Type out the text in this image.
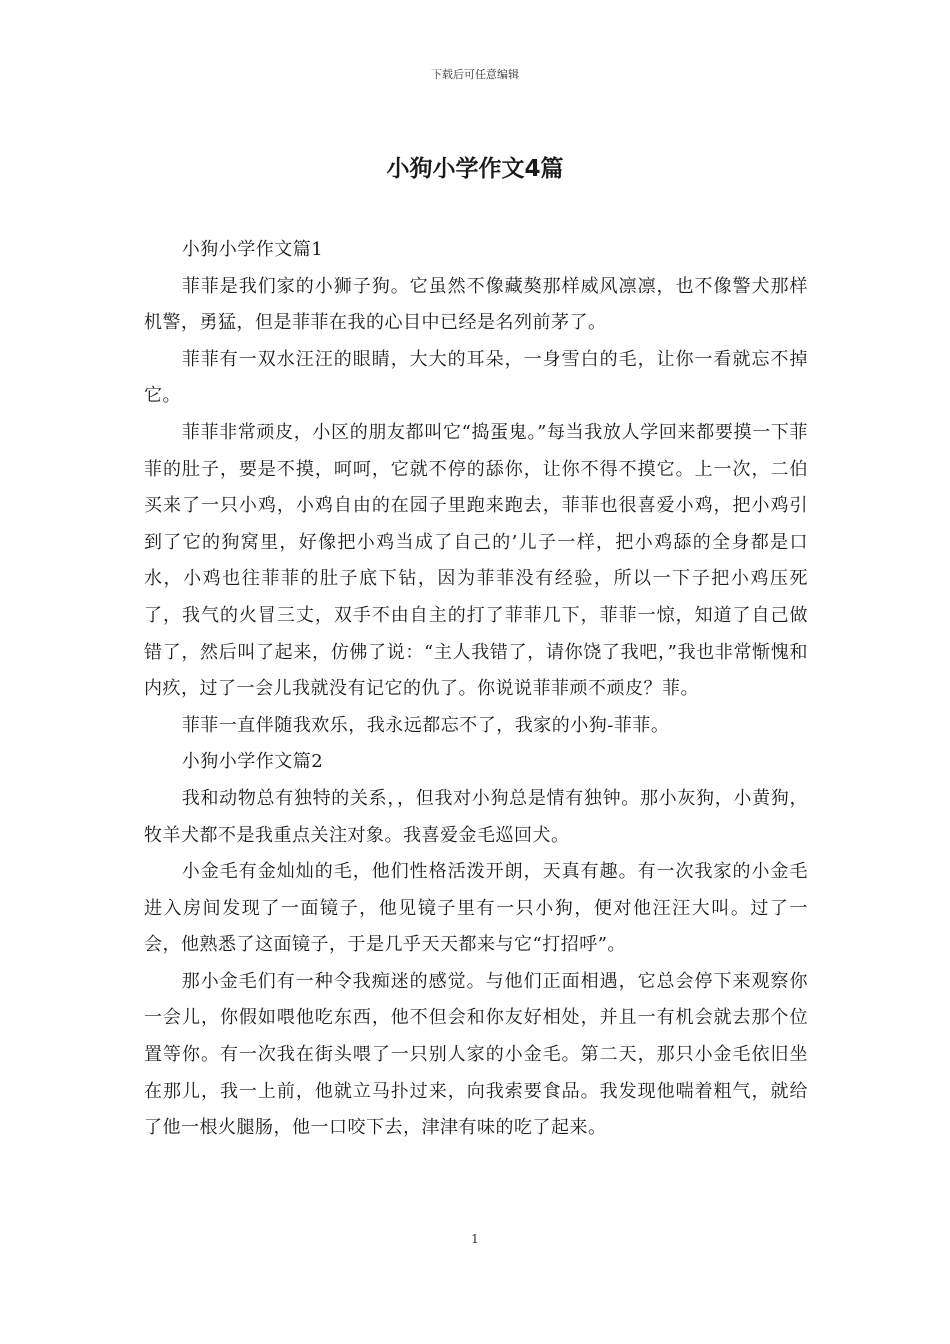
下载后可任意编辑
小狗小学作文4篇

小狗小学作文篇1

菲菲是我们家的小狮子狗。它虽然不像藏獒那样威风凛凛，也不像警犬那样机警，勇猛，但是菲菲在我的心目中已经是名列前茅了。

菲菲有一双水汪汪的眼睛，大大的耳朵，一身雪白的毛，让你一看就忘不掉它。

菲菲非常顽皮，小区的朋友都叫它“捣蛋鬼。”每当我放人学回来都要摸一下菲菲的肚子，要是不摸，呵呵，它就不停的舔你，让你不得不摸它。上一次，二伯买来了一只小鸡，小鸡自由的在园子里跑来跑去，菲菲也很喜爱小鸡，把小鸡引到了它的狗窝里，好像把小鸡当成了自己的’儿子一样，把小鸡舔的全身都是口水，小鸡也往菲菲的肚子底下钻，因为菲菲没有经验，所以一下子把小鸡压死了，我气的火冒三丈，双手不由自主的打了菲菲几下，菲菲一惊，知道了自己做错了，然后叫了起来，仿佛了说：“主人我错了，请你饶了我吧，”我也非常惭愧和内疚，过了一会儿我就没有记它的仇了。你说说菲菲顽不顽皮？菲。

菲菲一直伴随我欢乐，我永远都忘不了，我家的小狗-菲菲。

小狗小学作文篇2

我和动物总有独特的关系，，但我对小狗总是情有独钟。那小灰狗，小黄狗，牧羊犬都不是我重点关注对象。我喜爱金毛巡回犬。

小金毛有金灿灿的毛，他们性格活泼开朗，天真有趣。有一次我家的小金毛进入房间发现了一面镜子，他见镜子里有一只小狗，便对他汪汪大叫。过了一会，他熟悉了这面镜子，于是几乎天天都来与它“打招呼”。

那小金毛们有一种令我痴迷的感觉。与他们正面相遇，它总会停下来观察你一会儿，你假如喂他吃东西，他不但会和你友好相处，并且一有机会就去那个位置等你。有一次我在街头喂了一只别人家的小金毛。第二天，那只小金毛依旧坐在那儿，我一上前，他就立马扑过来，向我索要食品。我发现他喘着粗气，就给了他一根火腿肠，他一口咬下去，津津有味的吃了起来。

1
